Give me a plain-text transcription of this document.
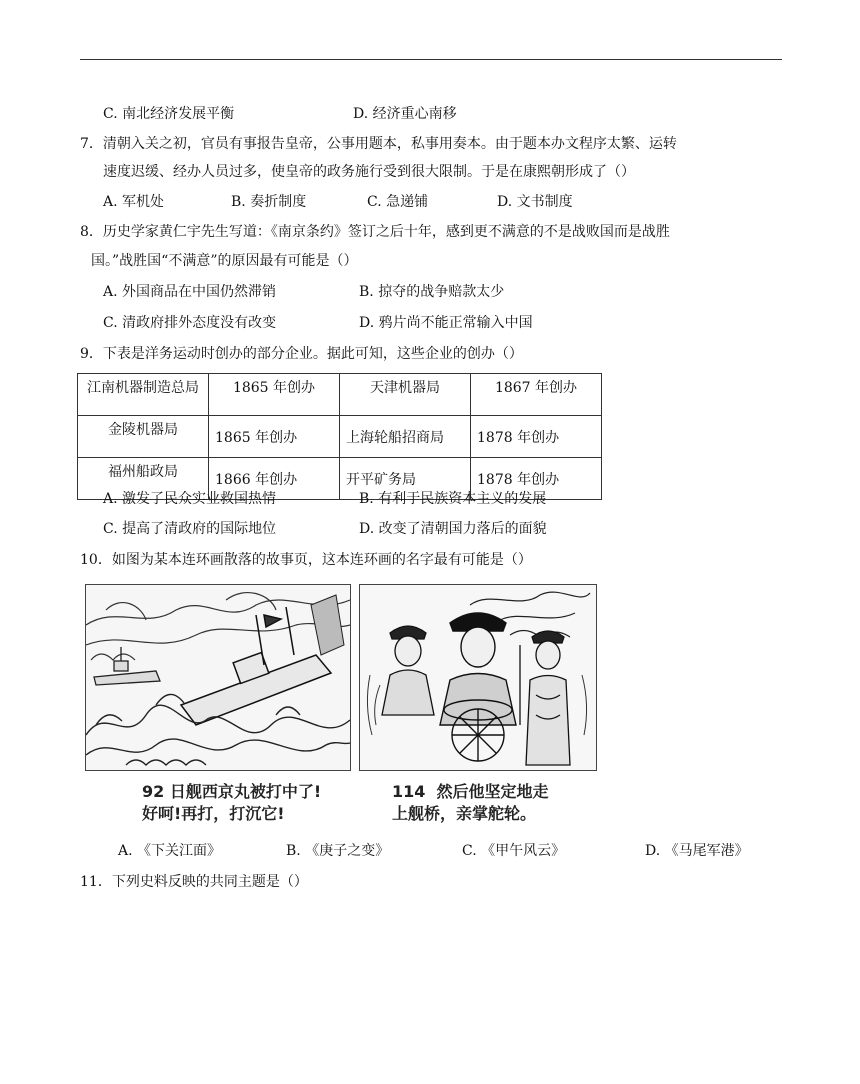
C. 南北经济发展平衡	D. 经济重心南移
7．清朝入关之初，官员有事报告皇帝，公事用题本，私事用奏本。由于题本办文程序太繁、运转
速度迟缓、经办人员过多，使皇帝的政务施行受到很大限制。于是在康熙朝形成了（）
A. 军机处	B. 奏折制度	C. 急递铺	D. 文书制度
8．历史学家黄仁宇先生写道：《南京条约》签订之后十年，感到更不满意的不是战败国而是战胜
国。”战胜国“不满意”的原因最有可能是（）
A. 外国商品在中国仍然滞销	B. 掠夺的战争赔款太少
C. 清政府排外态度没有改变	D. 鸦片尚不能正常输入中国
9．下表是洋务运动时创办的部分企业。据此可知，这些企业的创办（）
江南机器制造总局	1865 年创办	天津机器局	1867 年创办
金陵机器局	1865 年创办	上海轮船招商局	1878 年创办
福州船政局	1866 年创办	开平矿务局	1878 年创办
A. 激发了民众实业救国热情	B. 有利于民族资本主义的发展
C. 提高了清政府的国际地位	D. 改变了清朝国力落后的面貌
10．如图为某本连环画散落的故事页，这本连环画的名字最有可能是（）
92 日舰西京丸被打中了!
好呵!再打，打沉它!
114  然后他坚定地走
上舰桥，亲掌舵轮。
A. 《下关江面》	B. 《庚子之变》	C. 《甲午风云》	D. 《马尾军港》
11．下列史料反映的共同主题是（）
